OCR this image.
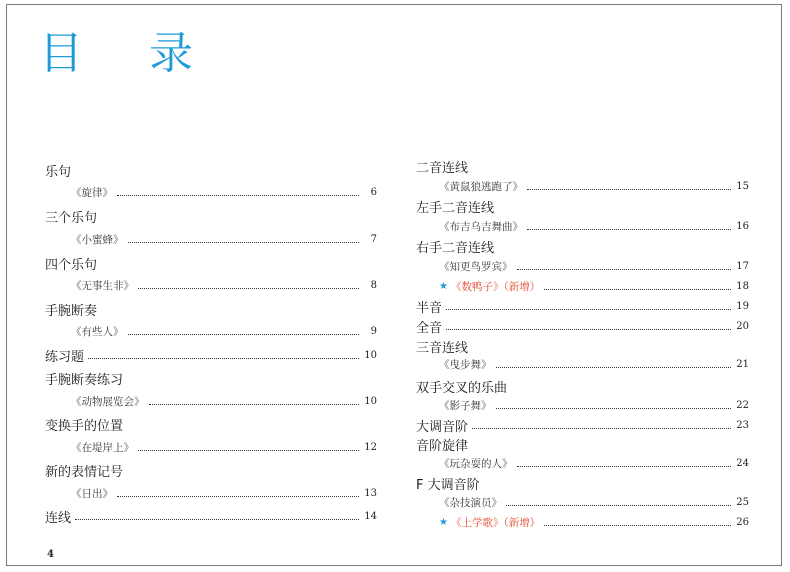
目 录
乐句
《旋律》	6
三个乐句
《小蜜蜂》	7
四个乐句
《无事生非》	8
手腕断奏
《有些人》	9
练习题	10
手腕断奏练习
《动物展览会》	10
变换手的位置
《在堤岸上》	12
新的表情记号
《日出》	13
连线	14
二音连线
《黄鼠狼逃跑了》	15
左手二音连线
《布吉乌吉舞曲》	16
右手二音连线
《知更鸟罗宾》	17
★ 《数鸭子》（新增）	18
半音	19
全音	20
三音连线
《曳步舞》	21
双手交叉的乐曲
《影子舞》	22
大调音阶	23
音阶旋律
《玩杂耍的人》	24
F 大调音阶
《杂技演员》	25
★ 《上学歌》（新增）	26
4
